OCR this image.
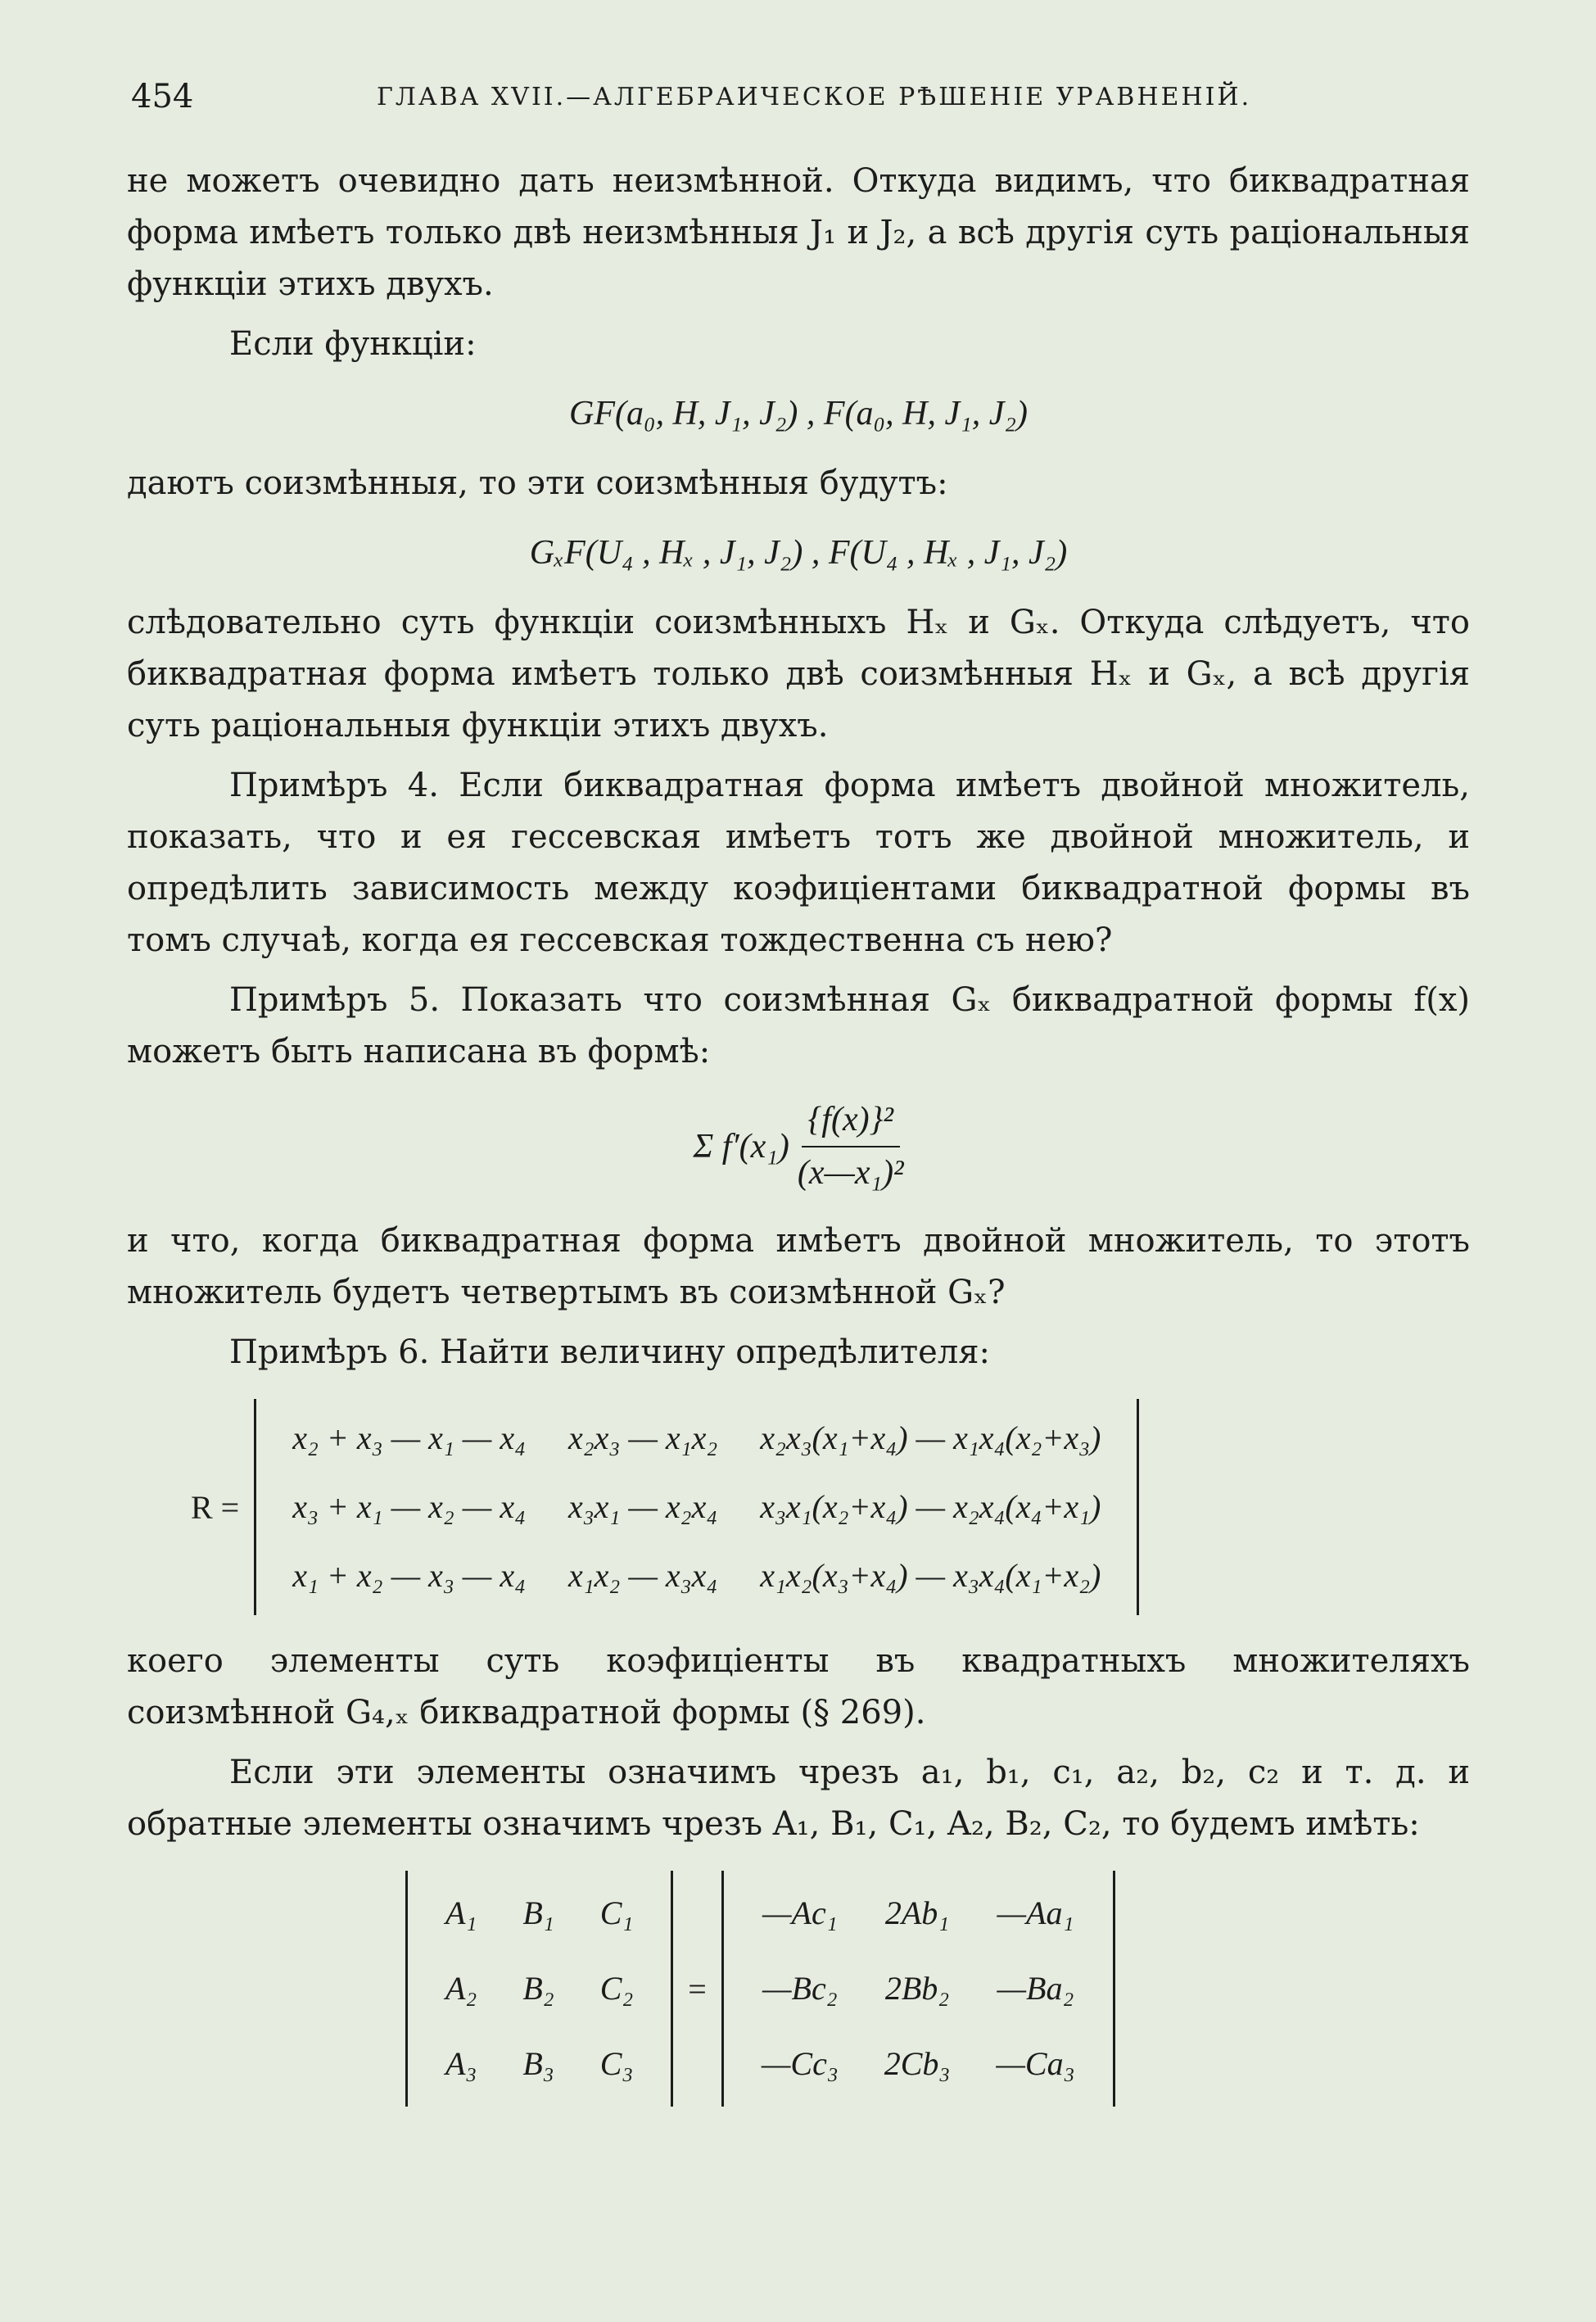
454	ГЛАВА XVII.—АЛГЕБРАИЧЕСКОЕ РѢШЕНІЕ УРАВНЕНІЙ.

не можетъ очевидно дать неизмѣнной. Откуда видимъ, что биквадратная форма имѣетъ только двѣ неизмѣнныя J₁ и J₂, а всѣ другія суть раціональныя функціи этихъ двухъ.

Если функціи:

GF(a₀, H, J₁, J₂) , F(a₀, H, J₁, J₂)

даютъ соизмѣнныя, то эти соизмѣнныя будутъ:

GₓF(U₄ , Hₓ , J₁, J₂) , F(U₄ , Hₓ , J₁, J₂)

слѣдовательно суть функціи соизмѣнныхъ Hₓ и Gₓ. Откуда слѣдуетъ, что биквадратная форма имѣетъ только двѣ соизмѣнныя Hₓ и Gₓ, а всѣ другія суть раціональныя функціи этихъ двухъ.

Примѣръ 4. Если биквадратная форма имѣетъ двойной множитель, показать, что и ея гессевская имѣетъ тотъ же двойной множитель, и опредѣлить зависимость между коэфиціентами биквадратной формы въ томъ случаѣ, когда ея гессевская тождественна съ нею?

Примѣръ 5. Показать что соизмѣнная Gₓ биквадратной формы f(x) можетъ быть написана въ формѣ:

Σ $f'(x_1) \frac{\text{\{f(x)\}²}}{\text{(x—x₁)²}}$

и что, когда биквадратная форма имѣетъ двойной множитель, то этотъ множитель будетъ четвертымъ въ соизмѣнной Gₓ?

Примѣръ 6. Найти величину опредѣлителя:

R =
x₂ + x₃ — x₁ — x₄	x₂x₃ — x₁x₂	x₂x₃(x₁+x₄) — x₁x₄(x₂+x₃)
x₃ + x₁ — x₂ — x₄	x₃x₁ — x₂x₄	x₃x₁(x₂+x₄) — x₂x₄(x₄+x₁)
x₁ + x₂ — x₃ — x₄	x₁x₂ — x₃x₄	x₁x₂(x₃+x₄) — x₃x₄(x₁+x₂)

коего элементы суть коэфиціенты въ квадратныхъ множителяхъ соизмѣнной G₄,ₓ биквадратной формы (§ 269).

Если эти элементы означимъ чрезъ a₁, b₁, c₁, a₂, b₂, c₂ и т. д. и обратные элементы означимъ чрезъ A₁, B₁, C₁, A₂, B₂, C₂, то будемъ имѣть:

A₁	B₁	C₁
A₂	B₂	C₂
A₃	B₃	C₃
=
—Ac₁	2Ab₁	—Aa₁
—Bc₂	2Bb₂	—Ba₂
—Cc₃	2Cb₃	—Ca₃
